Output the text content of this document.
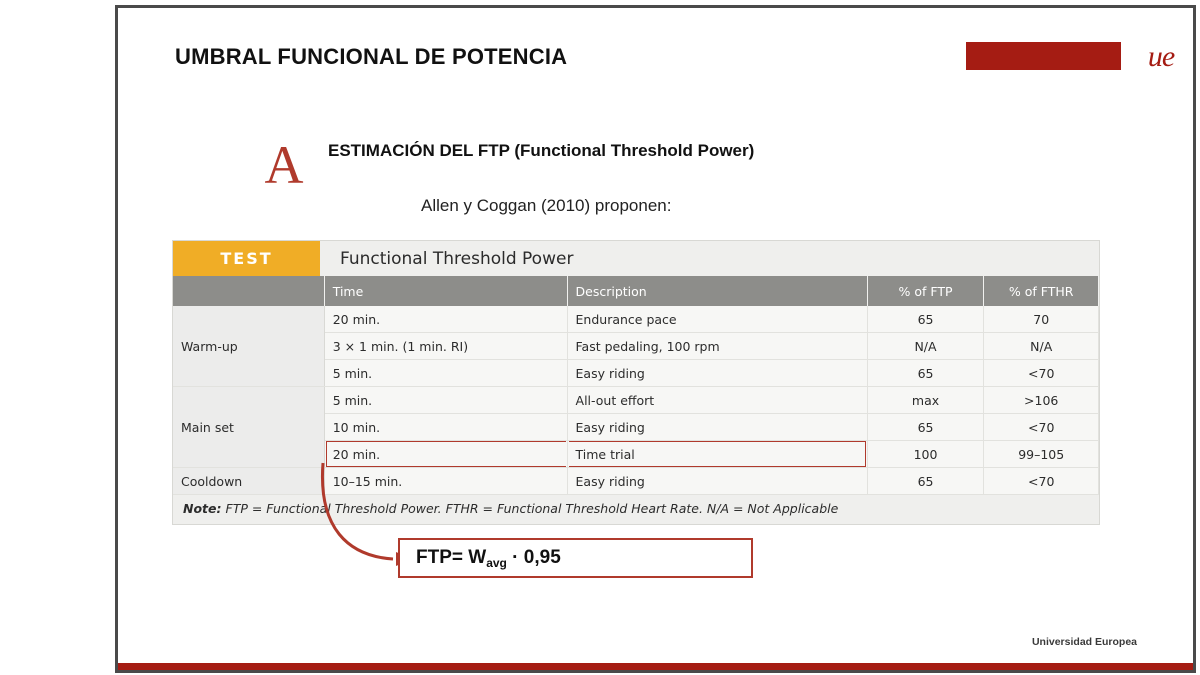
UMBRAL FUNCIONAL DE POTENCIA	ue
A	ESTIMACIÓN DEL FTP (Functional Threshold Power)
Allen y Coggan (2010) proponen:
TEST	Functional Threshold Power
	Time	Description	% of FTP	% of FTHR
Warm-up	20 min.	Endurance pace	65	70
	3 × 1 min. (1 min. RI)	Fast pedaling, 100 rpm	N/A	N/A
	5 min.	Easy riding	65	<70
Main set	5 min.	All-out effort	max	>106
	10 min.	Easy riding	65	<70
	20 min.	Time trial	100	99–105
Cooldown	10–15 min.	Easy riding	65	<70
Note: FTP = Functional Threshold Power. FTHR = Functional Threshold Heart Rate. N/A = Not Applicable
$FTP= W_{avg} \cdot 0,95$
Universidad Europea
